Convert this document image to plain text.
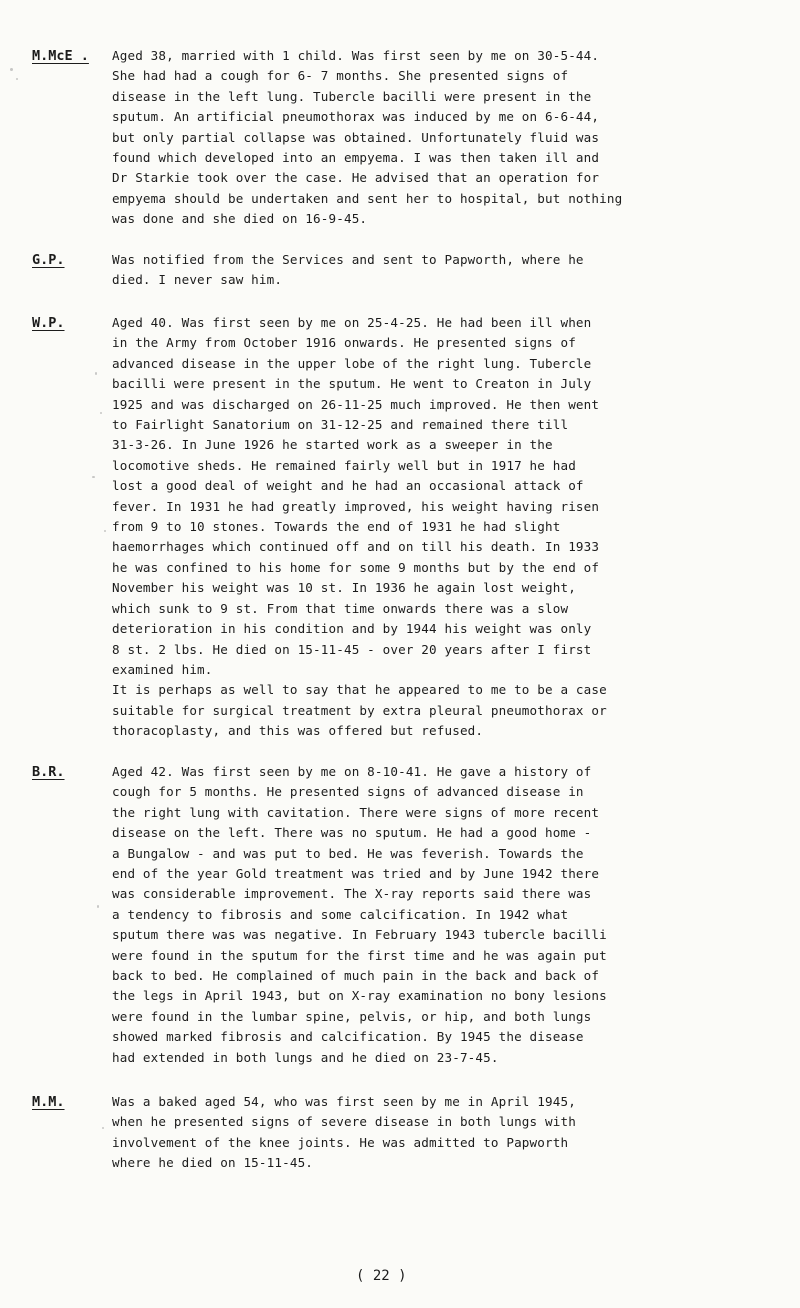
M.McE . Aged 38, married with 1 child. Was first seen by me on 30-5-44.
She had had a cough for 6- 7 months. She presented signs of
disease in the left lung. Tubercle bacilli were present in the
sputum. An artificial pneumothorax was induced by me on 6-6-44,
but only partial collapse was obtained. Unfortunately fluid was
found which developed into an empyema. I was then taken ill and
Dr Starkie took over the case. He advised that an operation for
empyema should be undertaken and sent her to hospital, but nothing
was done and she died on 16-9-45.
G.P.	Was notified from the Services and sent to Papworth, where he
died. I never saw him.
W.P.	Aged 40. Was first seen by me on 25-4-25. He had been ill when
in the Army from October 1916 onwards. He presented signs of
advanced disease in the upper lobe of the right lung. Tubercle
bacilli were present in the sputum. He went to Creaton in July
1925 and was discharged on 26-11-25 much improved. He then went
to Fairlight Sanatorium on 31-12-25 and remained there till
31-3-26. In June 1926 he started work as a sweeper in the
locomotive sheds. He remained fairly well but in 1917 he had
lost a good deal of weight and he had an occasional attack of
fever. In 1931 he had greatly improved, his weight having risen
from 9 to 10 stones. Towards the end of 1931 he had slight
haemorrhages which continued off and on till his death. In 1933
he was confined to his home for some 9 months but by the end of
November his weight was 10 st. In 1936 he again lost weight,
which sunk to 9 st. From that time onwards there was a slow
deterioration in his condition and by 1944 his weight was only
8 st. 2 lbs. He died on 15-11-45 - over 20 years after I first
examined him.
It is perhaps as well to say that he appeared to me to be a case
suitable for surgical treatment by extra pleural pneumothorax or
thoracoplasty, and this was offered but refused.
B.R.	Aged 42. Was first seen by me on 8-10-41. He gave a history of
cough for 5 months. He presented signs of advanced disease in
the right lung with cavitation. There were signs of more recent
disease on the left. There was no sputum. He had a good home -
a Bungalow - and was put to bed. He was feverish. Towards the
end of the year Gold treatment was tried and by June 1942 there
was considerable improvement. The X-ray reports said there was
a tendency to fibrosis and some calcification. In 1942 what
sputum there was was negative. In February 1943 tubercle bacilli
were found in the sputum for the first time and he was again put
back to bed. He complained of much pain in the back and back of
the legs in April 1943, but on X-ray examination no bony lesions
were found in the lumbar spine, pelvis, or hip, and both lungs
showed marked fibrosis and calcification. By 1945 the disease
had extended in both lungs and he died on 23-7-45.
M.M.	Was a baked aged 54, who was first seen by me in April 1945,
when he presented signs of severe disease in both lungs with
involvement of the knee joints. He was admitted to Papworth
where he died on 15-11-45.
( 22 )
